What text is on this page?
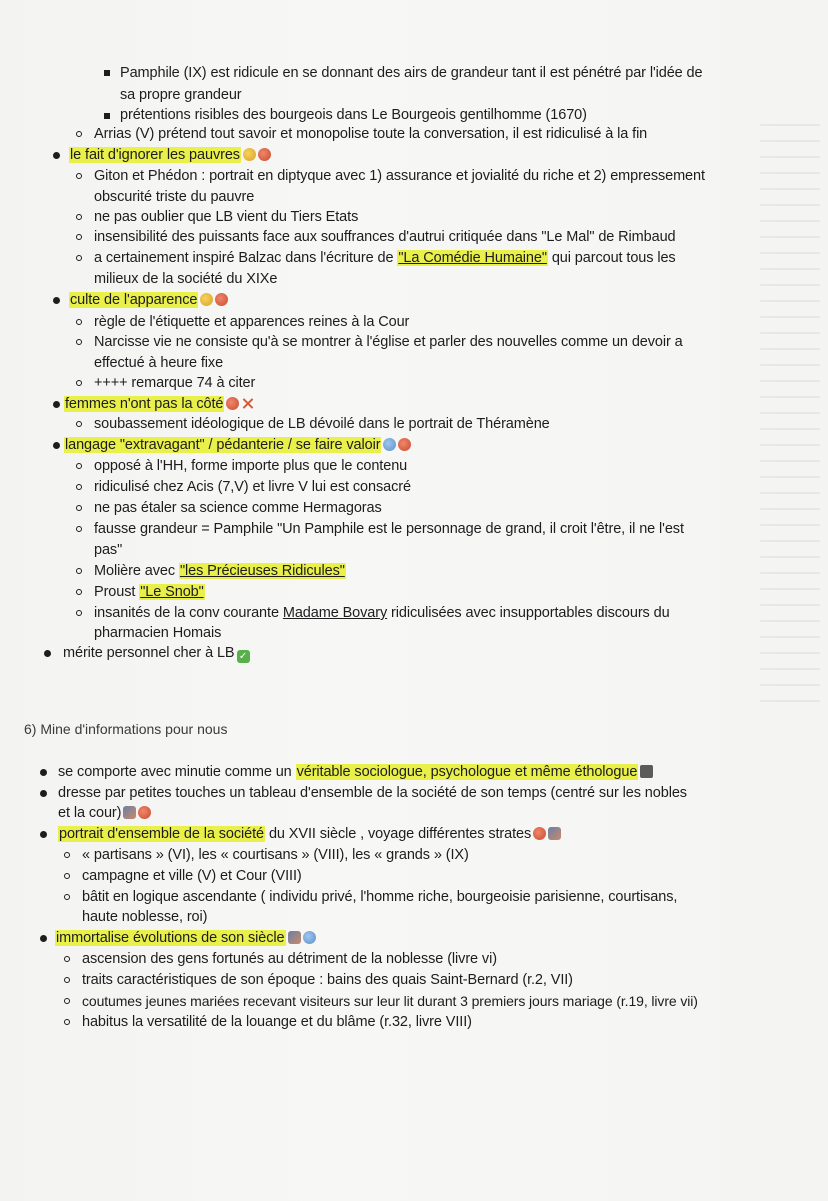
Pamphile (IX) est ridicule en se donnant des airs de grandeur tant il est pénétré par l'idée de
sa propre grandeur
prétentions risibles des bourgeois dans Le Bourgeois gentilhomme (1670)
Arrias (V) prétend tout savoir et monopolise toute la conversation, il est ridiculisé à la fin
le fait d'ignorer les pauvres
Giton et Phédon : portrait en diptyque avec 1) assurance et jovialité du riche et 2) empressement
obscurité triste du pauvre
ne pas oublier que LB vient du Tiers Etats
insensibilité des puissants face aux souffrances d'autrui critiquée dans "Le Mal" de Rimbaud
a certainement inspiré Balzac dans l'écriture de "La Comédie Humaine" qui parcout tous les
milieux de la société du XIXe
culte de l'apparence
règle de l'étiquette et apparences reines à la Cour
Narcisse vie ne consiste qu'à se montrer à l'église et parler des nouvelles comme un devoir a
effectué à heure fixe
++++ remarque 74 à citer
femmes n'ont pas la côté
soubassement idéologique de LB dévoilé dans le portrait de Théramène
langage "extravagant" / pédanterie / se faire valoir
opposé à l'HH, forme importe plus que le contenu
ridiculisé chez Acis (7,V) et livre V lui est consacré
ne pas étaler sa science comme Hermagoras
fausse grandeur = Pamphile "Un Pamphile est le personnage de grand, il croit l'être, il ne l'est
pas"
Molière avec "les Précieuses Ridicules"
Proust "Le Snob"
insanités de la conv courante Madame Bovary ridiculisées avec insupportables discours du
pharmacien Homais
mérite personnel cher à LB ✓
6) Mine d'informations pour nous
se comporte avec minutie comme un véritable sociologue, psychologue et même éthologue
dresse par petites touches un tableau d'ensemble de la société de son temps (centré sur les nobles
et la cour)
portrait d'ensemble de la société du XVII siècle , voyage différentes strates
« partisans » (VI), les « courtisans » (VIII), les « grands » (IX)
campagne et ville (V) et Cour (VIII)
bâtit en logique ascendante ( individu privé, l'homme riche, bourgeoisie parisienne, courtisans,
haute noblesse, roi)
immortalise évolutions de son siècle
ascension des gens fortunés au détriment de la noblesse (livre vi)
traits caractéristiques de son époque : bains des quais Saint-Bernard (r.2, VII)
coutumes jeunes mariées recevant visiteurs sur leur lit durant 3 premiers jours mariage (r.19, livre vii)
habitus la versatilité de la louange et du blâme (r.32, livre VIII)
